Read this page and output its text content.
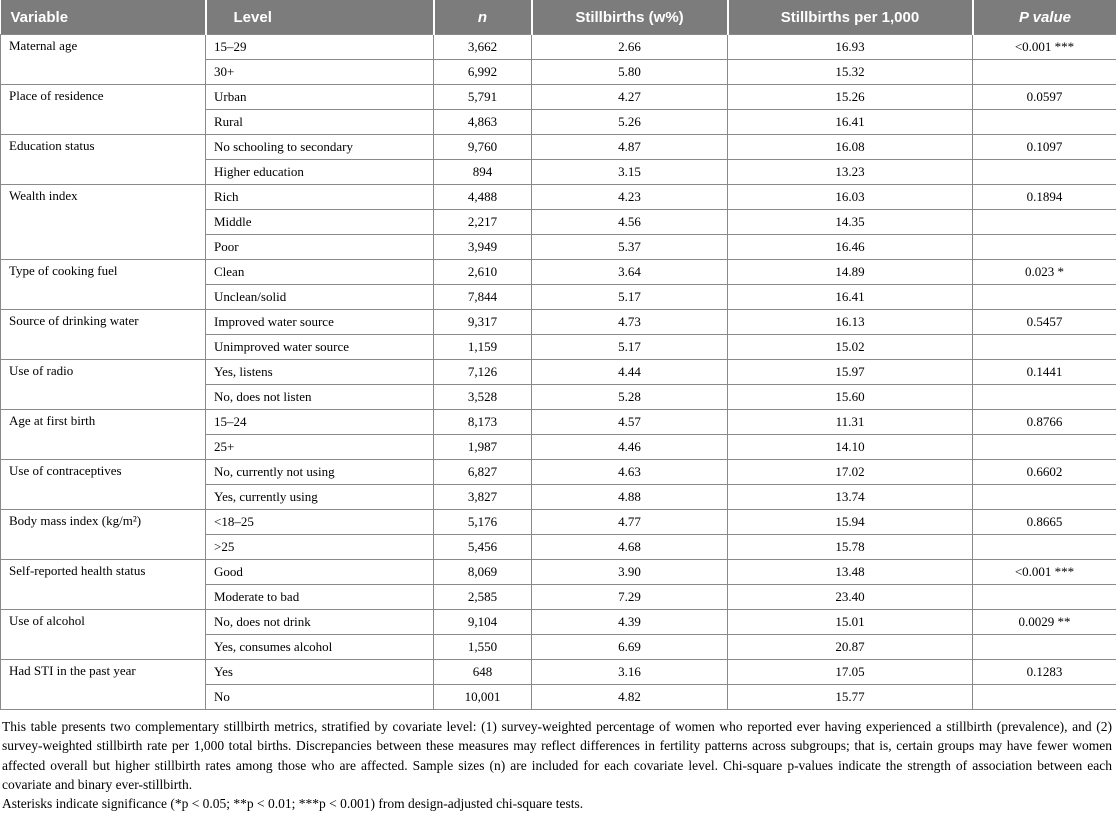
Variable	Level	n	Stillbirths (w%)	Stillbirths per 1,000	P value
Maternal age	15–29	3,662	2.66	16.93	<0.001 ***
	30+	6,992	5.80	15.32	
Place of residence	Urban	5,791	4.27	15.26	0.0597
	Rural	4,863	5.26	16.41	
Education status	No schooling to secondary	9,760	4.87	16.08	0.1097
	Higher education	894	3.15	13.23	
Wealth index	Rich	4,488	4.23	16.03	0.1894
	Middle	2,217	4.56	14.35	
	Poor	3,949	5.37	16.46	
Type of cooking fuel	Clean	2,610	3.64	14.89	0.023 *
	Unclean/solid	7,844	5.17	16.41	
Source of drinking water	Improved water source	9,317	4.73	16.13	0.5457
	Unimproved water source	1,159	5.17	15.02	
Use of radio	Yes, listens	7,126	4.44	15.97	0.1441
	No, does not listen	3,528	5.28	15.60	
Age at first birth	15–24	8,173	4.57	11.31	0.8766
	25+	1,987	4.46	14.10	
Use of contraceptives	No, currently not using	6,827	4.63	17.02	0.6602
	Yes, currently using	3,827	4.88	13.74	
Body mass index (kg/m²)	<18–25	5,176	4.77	15.94	0.8665
	>25	5,456	4.68	15.78	
Self-reported health status	Good	8,069	3.90	13.48	<0.001 ***
	Moderate to bad	2,585	7.29	23.40	
Use of alcohol	No, does not drink	9,104	4.39	15.01	0.0029 **
	Yes, consumes alcohol	1,550	6.69	20.87	
Had STI in the past year	Yes	648	3.16	17.05	0.1283
	No	10,001	4.82	15.77	

This table presents two complementary stillbirth metrics, stratified by covariate level: (1) survey-weighted percentage of women who reported ever having experienced a stillbirth (prevalence), and (2) survey-weighted stillbirth rate per 1,000 total births. Discrepancies between these measures may reflect differences in fertility patterns across subgroups; that is, certain groups may have fewer women affected overall but higher stillbirth rates among those who are affected. Sample sizes (n) are included for each covariate level. Chi-square p-values indicate the strength of association between each covariate and binary ever-stillbirth.

Asterisks indicate significance (*p < 0.05; **p < 0.01; ***p < 0.001) from design-adjusted chi-square tests.
